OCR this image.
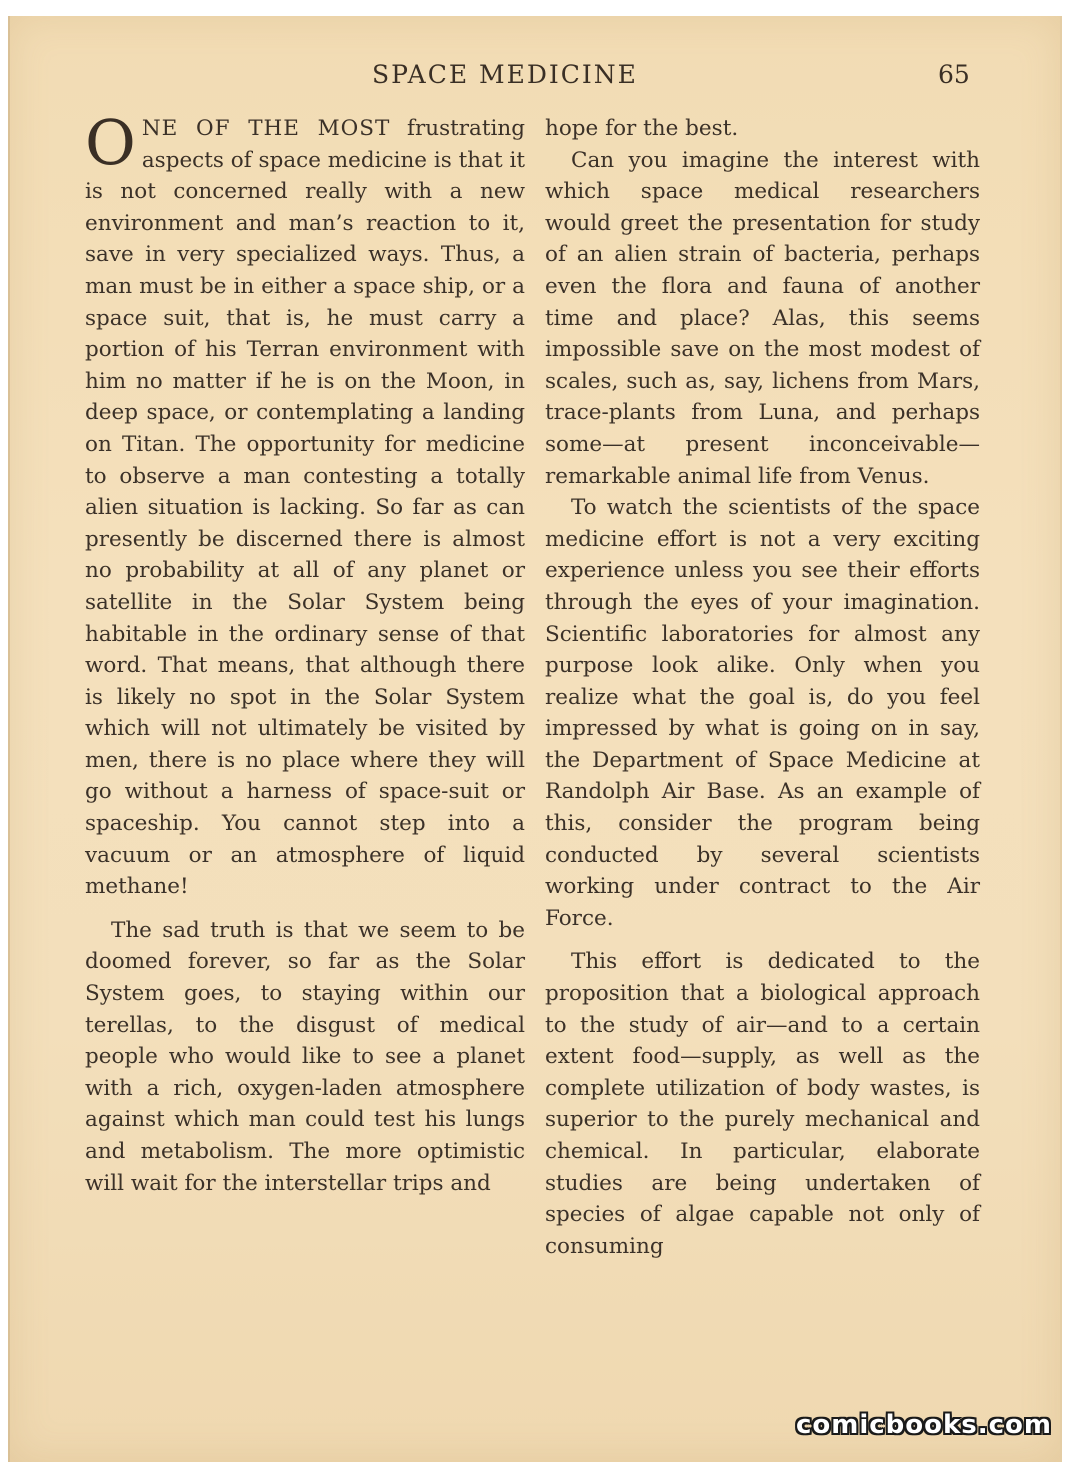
SPACE MEDICINE	65

ONE OF THE MOST frustrating aspects of space medicine is that it is not concerned really with a new environment and man’s reaction to it, save in very specialized ways. Thus, a man must be in either a space ship, or a space suit, that is, he must carry a portion of his Terran environment with him no matter if he is on the Moon, in deep space, or contemplating a landing on Titan. The opportunity for medicine to observe a man contesting a totally alien situation is lacking. So far as can presently be discerned there is almost no probability at all of any planet or satellite in the Solar System being habitable in the ordinary sense of that word. That means, that although there is likely no spot in the Solar System which will not ultimately be visited by men, there is no place where they will go without a harness of space-suit or spaceship. You cannot step into a vacuum or an atmosphere of liquid methane!

The sad truth is that we seem to be doomed forever, so far as the Solar System goes, to staying within our terellas, to the disgust of medical people who would like to see a planet with a rich, oxygen-laden atmosphere against which man could test his lungs and metabolism. The more optimistic will wait for the interstellar trips and

hope for the best.

Can you imagine the interest with which space medical researchers would greet the presentation for study of an alien strain of bacteria, perhaps even the flora and fauna of another time and place? Alas, this seems impossible save on the most modest of scales, such as, say, lichens from Mars, trace-plants from Luna, and perhaps some—at present inconceivable—remarkable animal life from Venus.

To watch the scientists of the space medicine effort is not a very exciting experience unless you see their efforts through the eyes of your imagination. Scientific laboratories for almost any purpose look alike. Only when you realize what the goal is, do you feel impressed by what is going on in say, the Department of Space Medicine at Randolph Air Base. As an example of this, consider the program being conducted by several scientists working under contract to the Air Force.

This effort is dedicated to the proposition that a biological approach to the study of air—and to a certain extent food—supply, as well as the complete utilization of body wastes, is superior to the purely mechanical and chemical. In particular, elaborate studies are being undertaken of species of algae capable not only of consuming

comicbooks.com
